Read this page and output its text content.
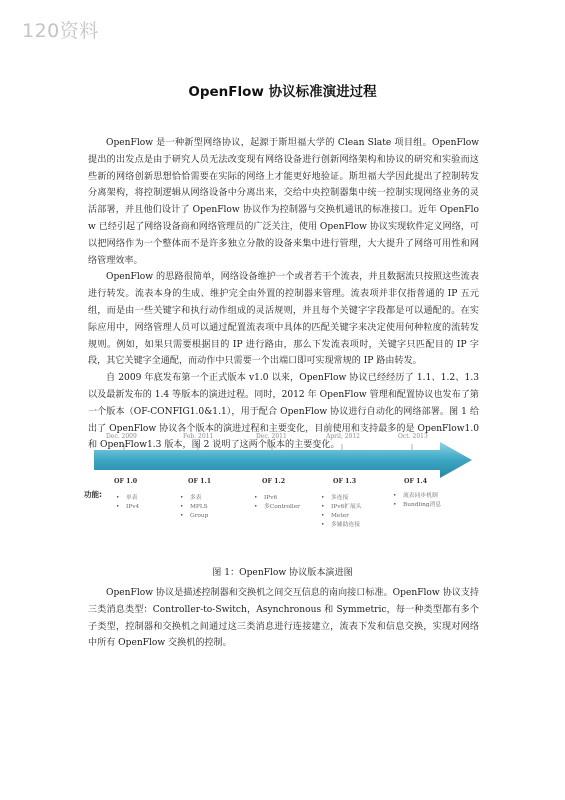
120资料
OpenFlow 协议标准演进过程

OpenFlow 是一种新型网络协议，起源于斯坦福大学的 Clean Slate 项目组。OpenFlow 提出的出发点是由于研究人员无法改变现有网络设备进行创新网络架构和协议的研究和实验而这些新的网络创新思想恰恰需要在实际的网络上才能更好地验证。斯坦福大学因此提出了控制转发分离架构，将控制逻辑从网络设备中分离出来，交给中央控制器集中统一控制实现网络业务的灵活部署，并且他们设计了 OpenFlow 协议作为控制器与交换机通讯的标准接口。近年 OpenFlow 已经引起了网络设备商和网络管理员的广泛关注，使用 OpenFlow 协议实现软件定义网络，可以把网络作为一个整体而不是许多独立分散的设备来集中进行管理，大大提升了网络可用性和网络管理效率。

OpenFlow 的思路很简单，网络设备维护一个或者若干个流表，并且数据流只按照这些流表进行转发。流表本身的生成、维护完全由外置的控制器来管理。流表项并非仅指普通的 IP 五元组，而是由一些关键字和执行动作组成的灵活规则，并且每个关键字字段都是可以通配的。在实际应用中，网络管理人员可以通过配置流表项中具体的匹配关键字来决定使用何种粒度的流转发规则。例如，如果只需要根据目的 IP 进行路由，那么下发流表项时，关键字只匹配目的 IP 字段，其它关键字全通配，而动作中只需要一个出端口即可实现常规的 IP 路由转发。

自 2009 年底发布第一个正式版本 v1.0 以来，OpenFlow 协议已经经历了 1.1、1.2、1.3 以及最新发布的 1.4 等版本的演进过程。同时，2012 年 OpenFlow 管理和配置协议也发布了第一个版本（OF-CONFIG1.0&1.1），用于配合 OpenFlow 协议进行自动化的网络部署。图 1 给出了 OpenFlow 协议各个版本的演进过程和主要变化，目前使用和支持最多的是 OpenFlow1.0 和 OpenFlow1.3 版本，图 2 说明了这两个版本的主要变化。

功能:
Dec. 2009	Feb. 2011	Dec. 2011	April, 2012	Oct. 2013
OF 1.0	OF 1.1	OF 1.2	OF 1.3	OF 1.4
• 单表
• IPv4
• 多表
• MPLS
• Group
• IPv6
• 多Controller
• 多连接
• IPv6扩展头
• Meter
• 多辅助连接
• 流表同步机制
• Bundling消息
图 1：OpenFlow 协议版本演进图

OpenFlow 协议是描述控制器和交换机之间交互信息的南向接口标准。OpenFlow 协议支持三类消息类型：Controller-to-Switch，Asynchronous 和 Symmetric，每一种类型都有多个子类型，控制器和交换机之间通过这三类消息进行连接建立，流表下发和信息交换，实现对网络中所有 OpenFlow 交换机的控制。
